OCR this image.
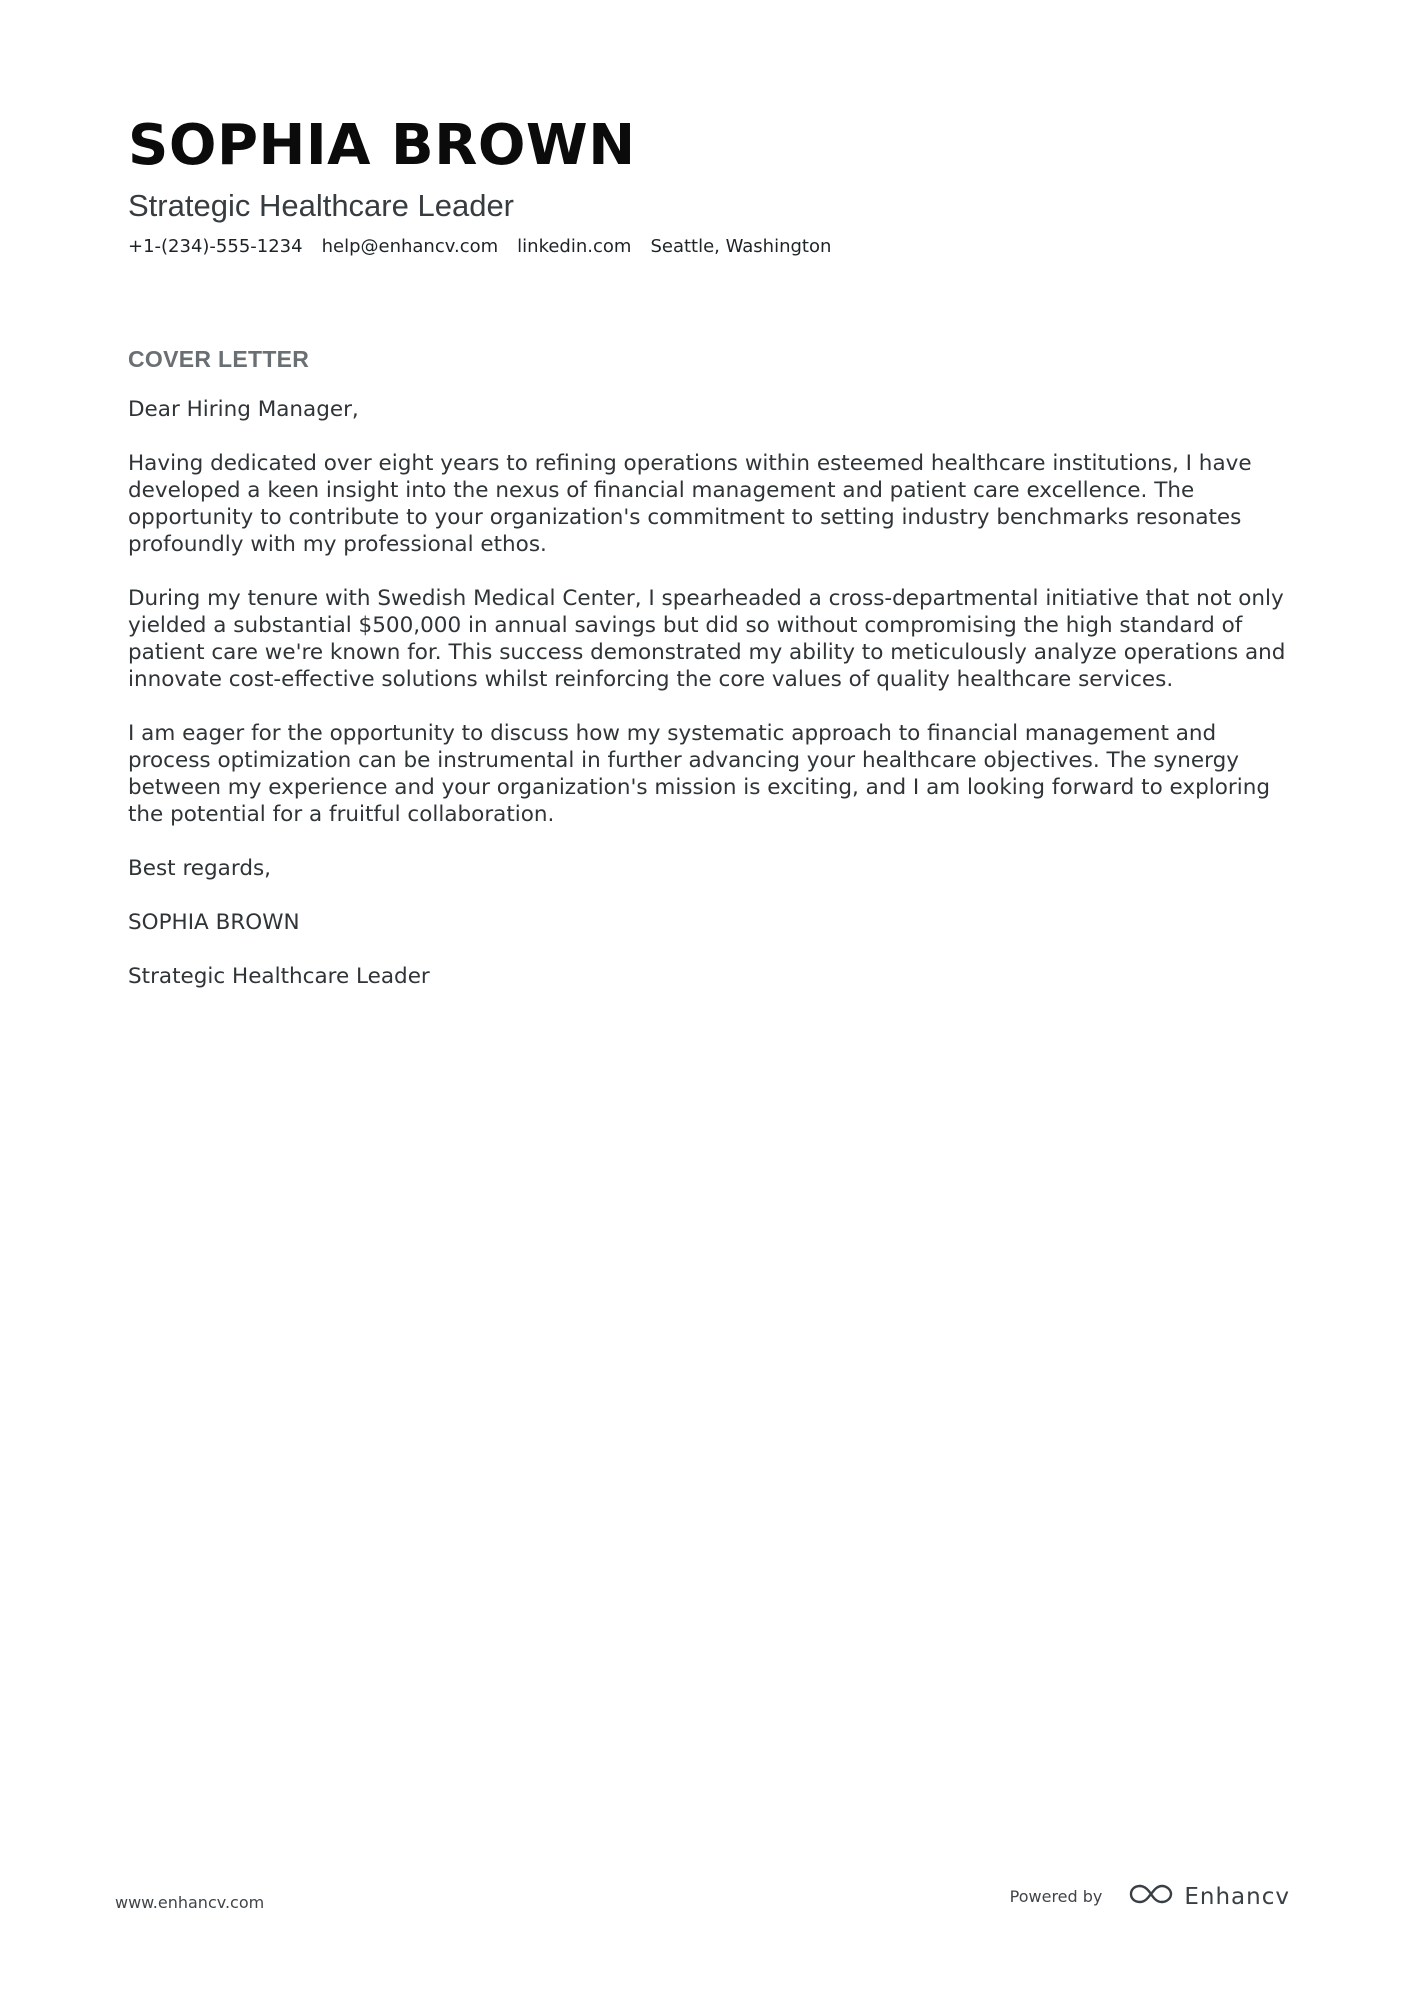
SOPHIA BROWN
Strategic Healthcare Leader
+1-(234)-555-1234 help@enhancv.com linkedin.com Seattle, Washington
COVER LETTER

Dear Hiring Manager,

Having dedicated over eight years to refining operations within esteemed healthcare institutions, I have developed a keen insight into the nexus of financial management and patient care excellence. The opportunity to contribute to your organization's commitment to setting industry benchmarks resonates profoundly with my professional ethos.

During my tenure with Swedish Medical Center, I spearheaded a cross-departmental initiative that not only yielded a substantial $500,000 in annual savings but did so without compromising the high standard of patient care we're known for. This success demonstrated my ability to meticulously analyze operations and innovate cost-effective solutions whilst reinforcing the core values of quality healthcare services.

I am eager for the opportunity to discuss how my systematic approach to financial management and process optimization can be instrumental in further advancing your healthcare objectives. The synergy between my experience and your organization's mission is exciting, and I am looking forward to exploring the potential for a fruitful collaboration.

Best regards,

SOPHIA BROWN

Strategic Healthcare Leader

www.enhancv.com	Powered by	Enhancv
